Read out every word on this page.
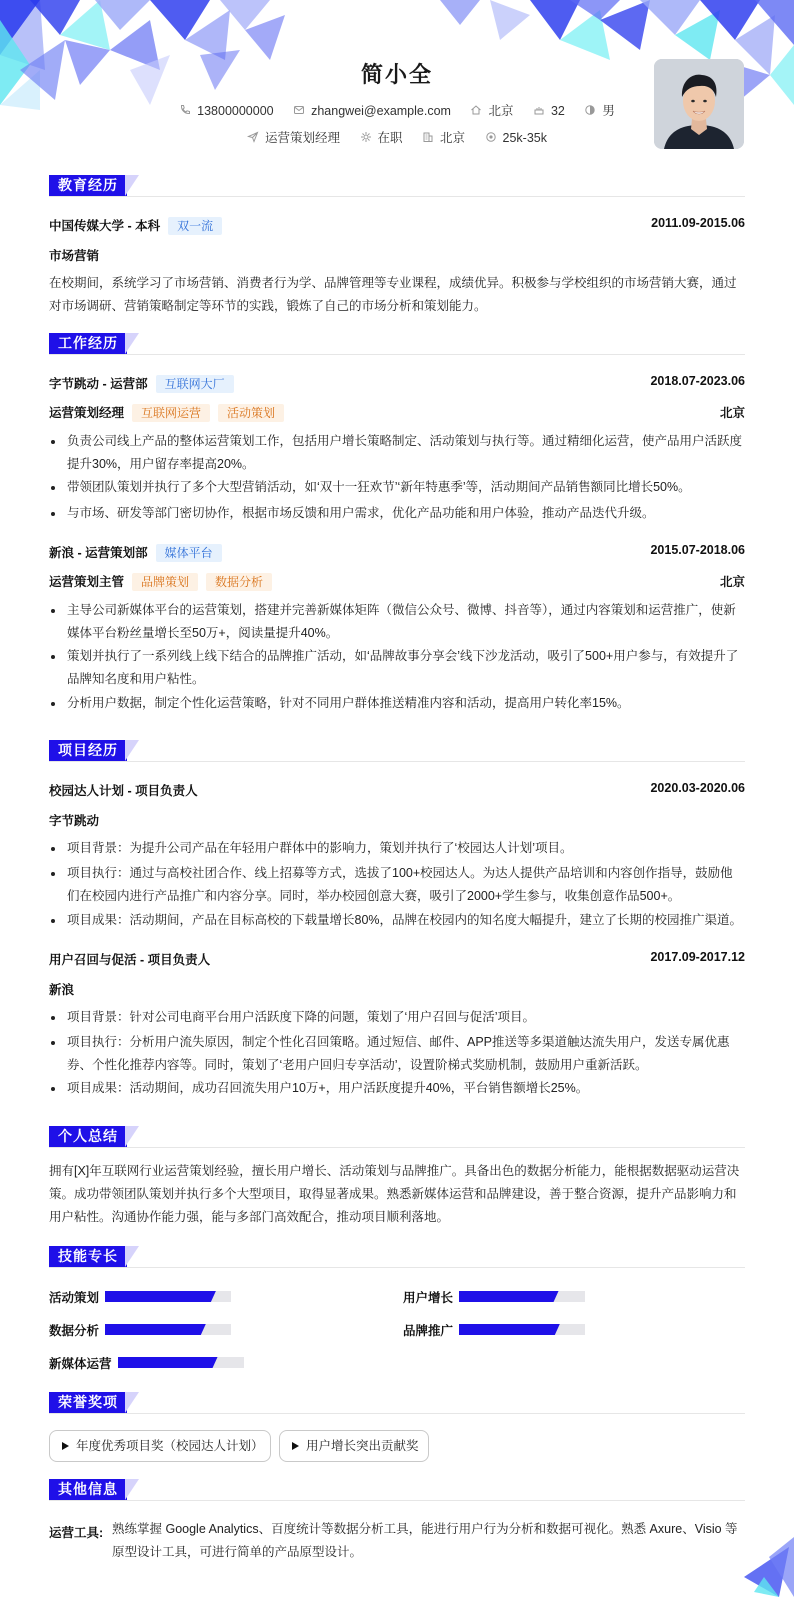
简小全
13800000000	zhangwei@example.com	北京	32	男
运营策划经理	在职	北京	25k-35k
教育经历
中国传媒大学 - 本科 双一流	2011.09-2015.06
市场营销
在校期间，系统学习了市场营销、消费者行为学、品牌管理等专业课程，成绩优异。积极参与学校组织的市场营销大赛，通过对市场调研、营销策略制定等环节的实践，锻炼了自己的市场分析和策划能力。
工作经历
字节跳动 - 运营部 互联网大厂	2018.07-2023.06
运营策划经理 互联网运营 活动策划	北京
负责公司线上产品的整体运营策划工作，包括用户增长策略制定、活动策划与执行等。通过精细化运营，使产品用户活跃度提升30%，用户留存率提高20%。
带领团队策划并执行了多个大型营销活动，如‘双十一狂欢节’‘新年特惠季’等，活动期间产品销售额同比增长50%。
与市场、研发等部门密切协作，根据市场反馈和用户需求，优化产品功能和用户体验，推动产品迭代升级。
新浪 - 运营策划部 媒体平台	2015.07-2018.06
运营策划主管 品牌策划 数据分析	北京
主导公司新媒体平台的运营策划，搭建并完善新媒体矩阵（微信公众号、微博、抖音等），通过内容策划和运营推广，使新媒体平台粉丝量增长至50万+，阅读量提升40%。
策划并执行了一系列线上线下结合的品牌推广活动，如‘品牌故事分享会’线下沙龙活动，吸引了500+用户参与，有效提升了品牌知名度和用户粘性。
分析用户数据，制定个性化运营策略，针对不同用户群体推送精准内容和活动，提高用户转化率15%。
项目经历
校园达人计划 - 项目负责人	2020.03-2020.06
字节跳动
项目背景：为提升公司产品在年轻用户群体中的影响力，策划并执行了‘校园达人计划’项目。
项目执行：通过与高校社团合作、线上招募等方式，选拔了100+校园达人。为达人提供产品培训和内容创作指导，鼓励他们在校园内进行产品推广和内容分享。同时，举办校园创意大赛，吸引了2000+学生参与，收集创意作品500+。
项目成果：活动期间，产品在目标高校的下载量增长80%，品牌在校园内的知名度大幅提升，建立了长期的校园推广渠道。
用户召回与促活 - 项目负责人	2017.09-2017.12
新浪
项目背景：针对公司电商平台用户活跃度下降的问题，策划了‘用户召回与促活’项目。
项目执行：分析用户流失原因，制定个性化召回策略。通过短信、邮件、APP推送等多渠道触达流失用户，发送专属优惠券、个性化推荐内容等。同时，策划了‘老用户回归专享活动’，设置阶梯式奖励机制，鼓励用户重新活跃。
项目成果：活动期间，成功召回流失用户10万+，用户活跃度提升40%，平台销售额增长25%。
个人总结
拥有[X]年互联网行业运营策划经验，擅长用户增长、活动策划与品牌推广。具备出色的数据分析能力，能根据数据驱动运营决策。成功带领团队策划并执行多个大型项目，取得显著成果。熟悉新媒体运营和品牌建设，善于整合资源，提升产品影响力和用户粘性。沟通协作能力强，能与多部门高效配合，推动项目顺利落地。
技能专长
活动策划	用户增长
数据分析	品牌推广
新媒体运营
荣誉奖项
年度优秀项目奖（校园达人计划）	用户增长突出贡献奖
其他信息
运营工具: 熟练掌握 Google Analytics、百度统计等数据分析工具，能进行用户行为分析和数据可视化。熟悉 Axure、Visio 等原型设计工具，可进行简单的产品原型设计。
